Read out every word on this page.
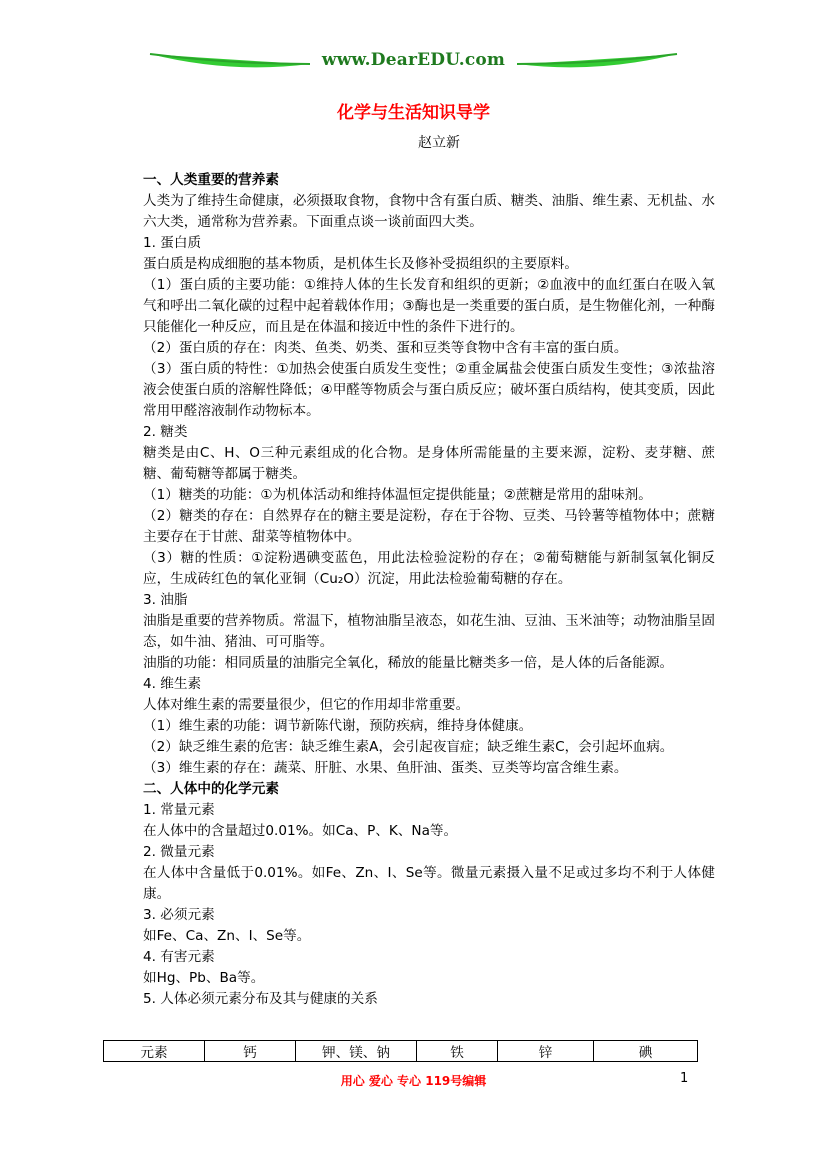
www.DearEDU.com
化学与生活知识导学
赵立新

一、人类重要的营养素

人类为了维持生命健康，必须摄取食物，食物中含有蛋白质、糖类、油脂、维生素、无机盐、水六大类，通常称为营养素。下面重点谈一谈前面四大类。

1. 蛋白质

蛋白质是构成细胞的基本物质，是机体生长及修补受损组织的主要原料。

（1）蛋白质的主要功能：①维持人体的生长发育和组织的更新；②血液中的血红蛋白在吸入氧气和呼出二氧化碳的过程中起着载体作用；③酶也是一类重要的蛋白质，是生物催化剂，一种酶只能催化一种反应，而且是在体温和接近中性的条件下进行的。

（2）蛋白质的存在：肉类、鱼类、奶类、蛋和豆类等食物中含有丰富的蛋白质。

（3）蛋白质的特性：①加热会使蛋白质发生变性；②重金属盐会使蛋白质发生变性；③浓盐溶液会使蛋白质的溶解性降低；④甲醛等物质会与蛋白质反应；破坏蛋白质结构，使其变质，因此常用甲醛溶液制作动物标本。

2. 糖类

糖类是由C、H、O三种元素组成的化合物。是身体所需能量的主要来源，淀粉、麦芽糖、蔗糖、葡萄糖等都属于糖类。

（1）糖类的功能：①为机体活动和维持体温恒定提供能量；②蔗糖是常用的甜味剂。

（2）糖类的存在：自然界存在的糖主要是淀粉，存在于谷物、豆类、马铃薯等植物体中；蔗糖主要存在于甘蔗、甜菜等植物体中。

（3）糖的性质：①淀粉遇碘变蓝色，用此法检验淀粉的存在；②葡萄糖能与新制氢氧化铜反应，生成砖红色的氧化亚铜（Cu₂O）沉淀，用此法检验葡萄糖的存在。

3. 油脂

油脂是重要的营养物质。常温下，植物油脂呈液态，如花生油、豆油、玉米油等；动物油脂呈固态，如牛油、猪油、可可脂等。

油脂的功能：相同质量的油脂完全氧化，稀放的能量比糖类多一倍，是人体的后备能源。

4. 维生素

人体对维生素的需要量很少，但它的作用却非常重要。

（1）维生素的功能：调节新陈代谢，预防疾病，维持身体健康。

（2）缺乏维生素的危害：缺乏维生素A，会引起夜盲症；缺乏维生素C，会引起坏血病。

（3）维生素的存在：蔬菜、肝脏、水果、鱼肝油、蛋类、豆类等均富含维生素。

二、人体中的化学元素

1. 常量元素

在人体中的含量超过0.01%。如Ca、P、K、Na等。

2. 微量元素

在人体中含量低于0.01%。如Fe、Zn、I、Se等。微量元素摄入量不足或过多均不利于人体健康。

3. 必须元素

如Fe、Ca、Zn、I、Se等。

4. 有害元素

如Hg、Pb、Ba等。

5. 人体必须元素分布及其与健康的关系

元素	钙	钾、镁、钠	铁	锌	碘
用心 爱心 专心 119号编辑	1
